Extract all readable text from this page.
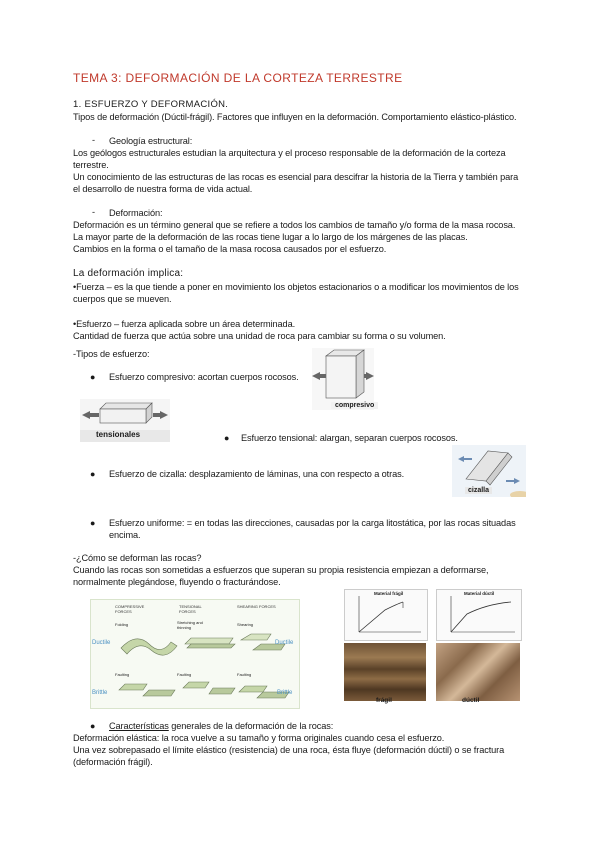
TEMA 3: DEFORMACIÓN DE LA CORTEZA TERRESTRE
1. ESFUERZO Y DEFORMACIÓN.
Tipos de deformación (Dúctil-frágil). Factores que influyen en la deformación. Comportamiento elástico-plástico.
- Geología estructural:
Los geólogos estructurales estudian la arquitectura y el proceso responsable de la deformación de la corteza
terrestre.
Un conocimiento de las estructuras de las rocas es esencial para descifrar la historia de la Tierra y también para
el desarrollo de nuestra forma de vida actual.
- Deformación:
Deformación es un término general que se refiere a todos los cambios de tamaño y/o forma de la masa rocosa.
La mayor parte de la deformación de las rocas tiene lugar a lo largo de los márgenes de las placas.
Cambios en la forma o el tamaño de la masa rocosa causados por el esfuerzo.
La deformación implica:
•Fuerza – es la que tiende a poner en movimiento los objetos estacionarios o a modificar los movimientos de los
cuerpos que se mueven.
•Esfuerzo – fuerza aplicada sobre un área determinada.
Cantidad de fuerza que actúa sobre una unidad de roca para cambiar su forma o su volumen.
-Tipos de esfuerzo:
● Esfuerzo compresivo: acortan cuerpos rocosos.
compresivo
tensionales	● Esfuerzo tensional: alargan, separan cuerpos rocosos.
● Esfuerzo de cizalla: desplazamiento de láminas, una con respecto a otras.
cizalla
● Esfuerzo uniforme: = en todas las direcciones, causadas por la carga litostática, por las rocas situadas
encima.
-¿Cómo se deforman las rocas?
Cuando las rocas son sometidas a esfuerzos que superan su propia resistencia empiezan a deformarse,
normalmente plegándose, fluyendo o fracturándose.
COMPRESSIVE FORCES
TENSIONAL FORCES
SHEARING FORCES
Folding	Stretching and thinning
Shearing
Faulting	Faulting	Faulting
Ductile	Ductile
Brittle	Brittle
Material frágil	Material dúctil
frágil	dúctil
● Características generales de la deformación de la rocas:
Deformación elástica: la roca vuelve a su tamaño y forma originales cuando cesa el esfuerzo.
Una vez sobrepasado el límite elástico (resistencia) de una roca, ésta fluye (deformación dúctil) o se fractura
(deformación frágil).
